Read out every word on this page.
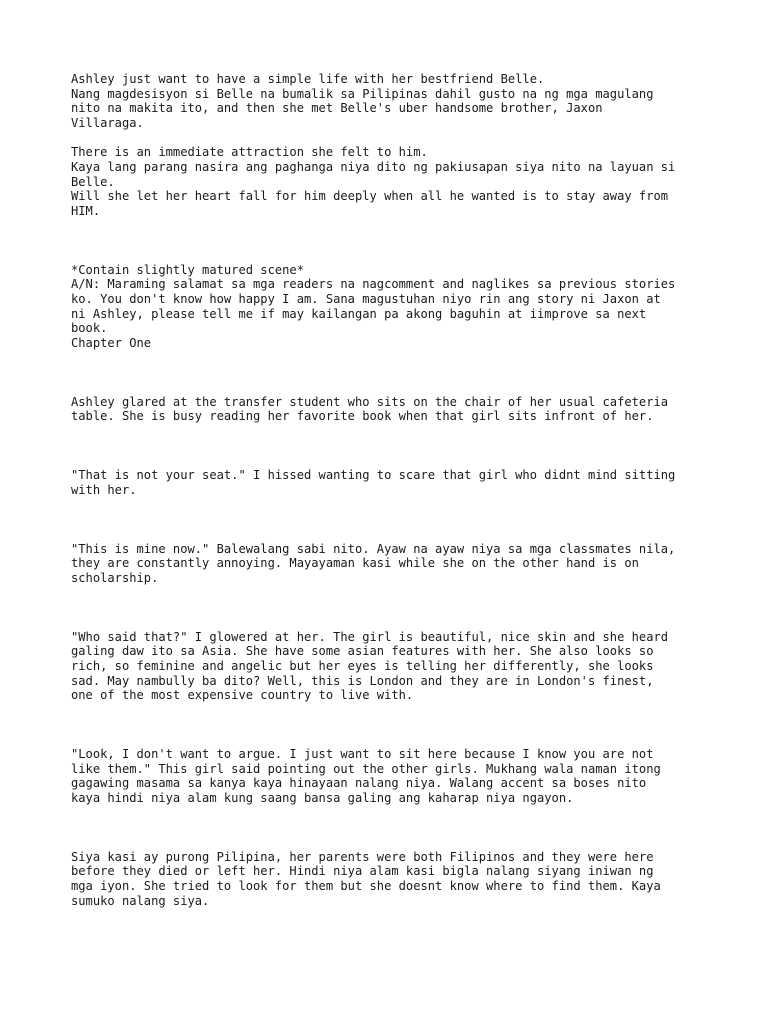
Ashley just want to have a simple life with her bestfriend Belle.

Nang magdesisyon si Belle na bumalik sa Pilipinas dahil gusto na ng mga magulang

nito na makita ito, and then she met Belle's uber handsome brother, Jaxon

Villaraga.

There is an immediate attraction she felt to him.

Kaya lang parang nasira ang paghanga niya dito ng pakiusapan siya nito na layuan si

Belle.

Will she let her heart fall for him deeply when all he wanted is to stay away from

HIM.

*Contain slightly matured scene*

A/N: Maraming salamat sa mga readers na nagcomment and naglikes sa previous stories

ko. You don't know how happy I am. Sana magustuhan niyo rin ang story ni Jaxon at

ni Ashley, please tell me if may kailangan pa akong baguhin at iimprove sa next

book.

Chapter One

Ashley glared at the transfer student who sits on the chair of her usual cafeteria

table. She is busy reading her favorite book when that girl sits infront of her.

"That is not your seat." I hissed wanting to scare that girl who didnt mind sitting

with her.

"This is mine now." Balewalang sabi nito. Ayaw na ayaw niya sa mga classmates nila,

they are constantly annoying. Mayayaman kasi while she on the other hand is on

scholarship.

"Who said that?" I glowered at her. The girl is beautiful, nice skin and she heard

galing daw ito sa Asia. She have some asian features with her. She also looks so

rich, so feminine and angelic but her eyes is telling her differently, she looks

sad. May nambully ba dito? Well, this is London and they are in London's finest,

one of the most expensive country to live with.

"Look, I don't want to argue. I just want to sit here because I know you are not

like them." This girl said pointing out the other girls. Mukhang wala naman itong

gagawing masama sa kanya kaya hinayaan nalang niya. Walang accent sa boses nito

kaya hindi niya alam kung saang bansa galing ang kaharap niya ngayon.

Siya kasi ay purong Pilipina, her parents were both Filipinos and they were here

before they died or left her. Hindi niya alam kasi bigla nalang siyang iniwan ng

mga iyon. She tried to look for them but she doesnt know where to find them. Kaya

sumuko nalang siya.
